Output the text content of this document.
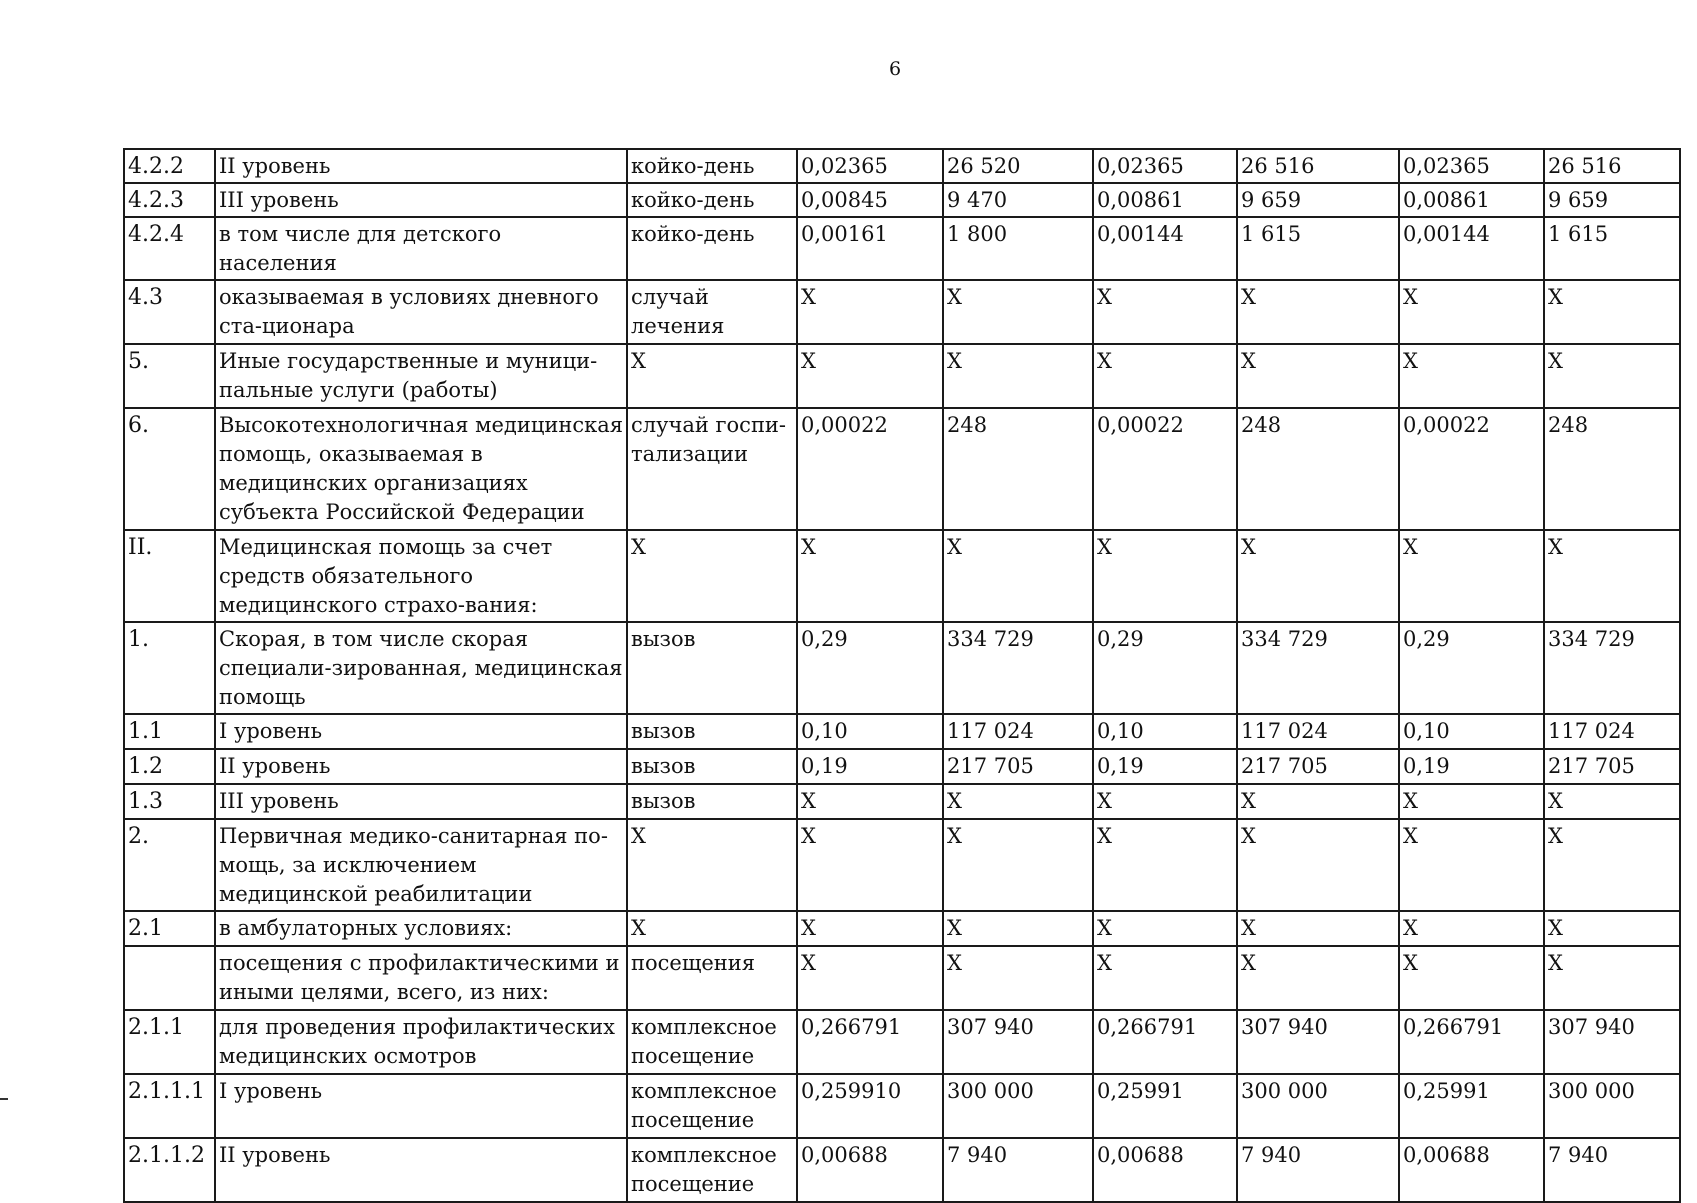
6
4.2.2	II уровень	койко-день	0,02365	26 520	0,02365	26 516	0,02365	26 516
4.2.3	III уровень	койко-день	0,00845	9 470	0,00861	9 659	0,00861	9 659
4.2.4	в том числе для детского населения	койко-день	0,00161	1 800	0,00144	1 615	0,00144	1 615
4.3	оказываемая в условиях дневного ста-ционара	случай лечения	X	X	X	X	X	X
5.	Иные государственные и муници-пальные услуги (работы)	X	X	X	X	X	X	X
6.	Высокотехнологичная медицинская помощь, оказываемая в медицинских организациях субъекта Российской Федерации	случай госпи-тализации	0,00022	248	0,00022	248	0,00022	248
II.	Медицинская помощь за счет средств обязательного медицинского страхо-вания:	X	X	X	X	X	X	X
1.	Скорая, в том числе скорая специали-зированная, медицинская помощь	вызов	0,29	334 729	0,29	334 729	0,29	334 729
1.1	I уровень	вызов	0,10	117 024	0,10	117 024	0,10	117 024
1.2	II уровень	вызов	0,19	217 705	0,19	217 705	0,19	217 705
1.3	III уровень	вызов	X	X	X	X	X	X
2.	Первичная медико-санитарная по-мощь, за исключением медицинской реабилитации	X	X	X	X	X	X	X
2.1	в амбулаторных условиях:	X	X	X	X	X	X	X
	посещения с профилактическими и иными целями, всего, из них:	посещения	X	X	X	X	X	X
2.1.1	для проведения профилактических медицинских осмотров	комплексное посещение	0,266791	307 940	0,266791	307 940	0,266791	307 940
2.1.1.1	I уровень	комплексное посещение	0,259910	300 000	0,25991	300 000	0,25991	300 000
2.1.1.2	II уровень	комплексное посещение	0,00688	7 940	0,00688	7 940	0,00688	7 940
